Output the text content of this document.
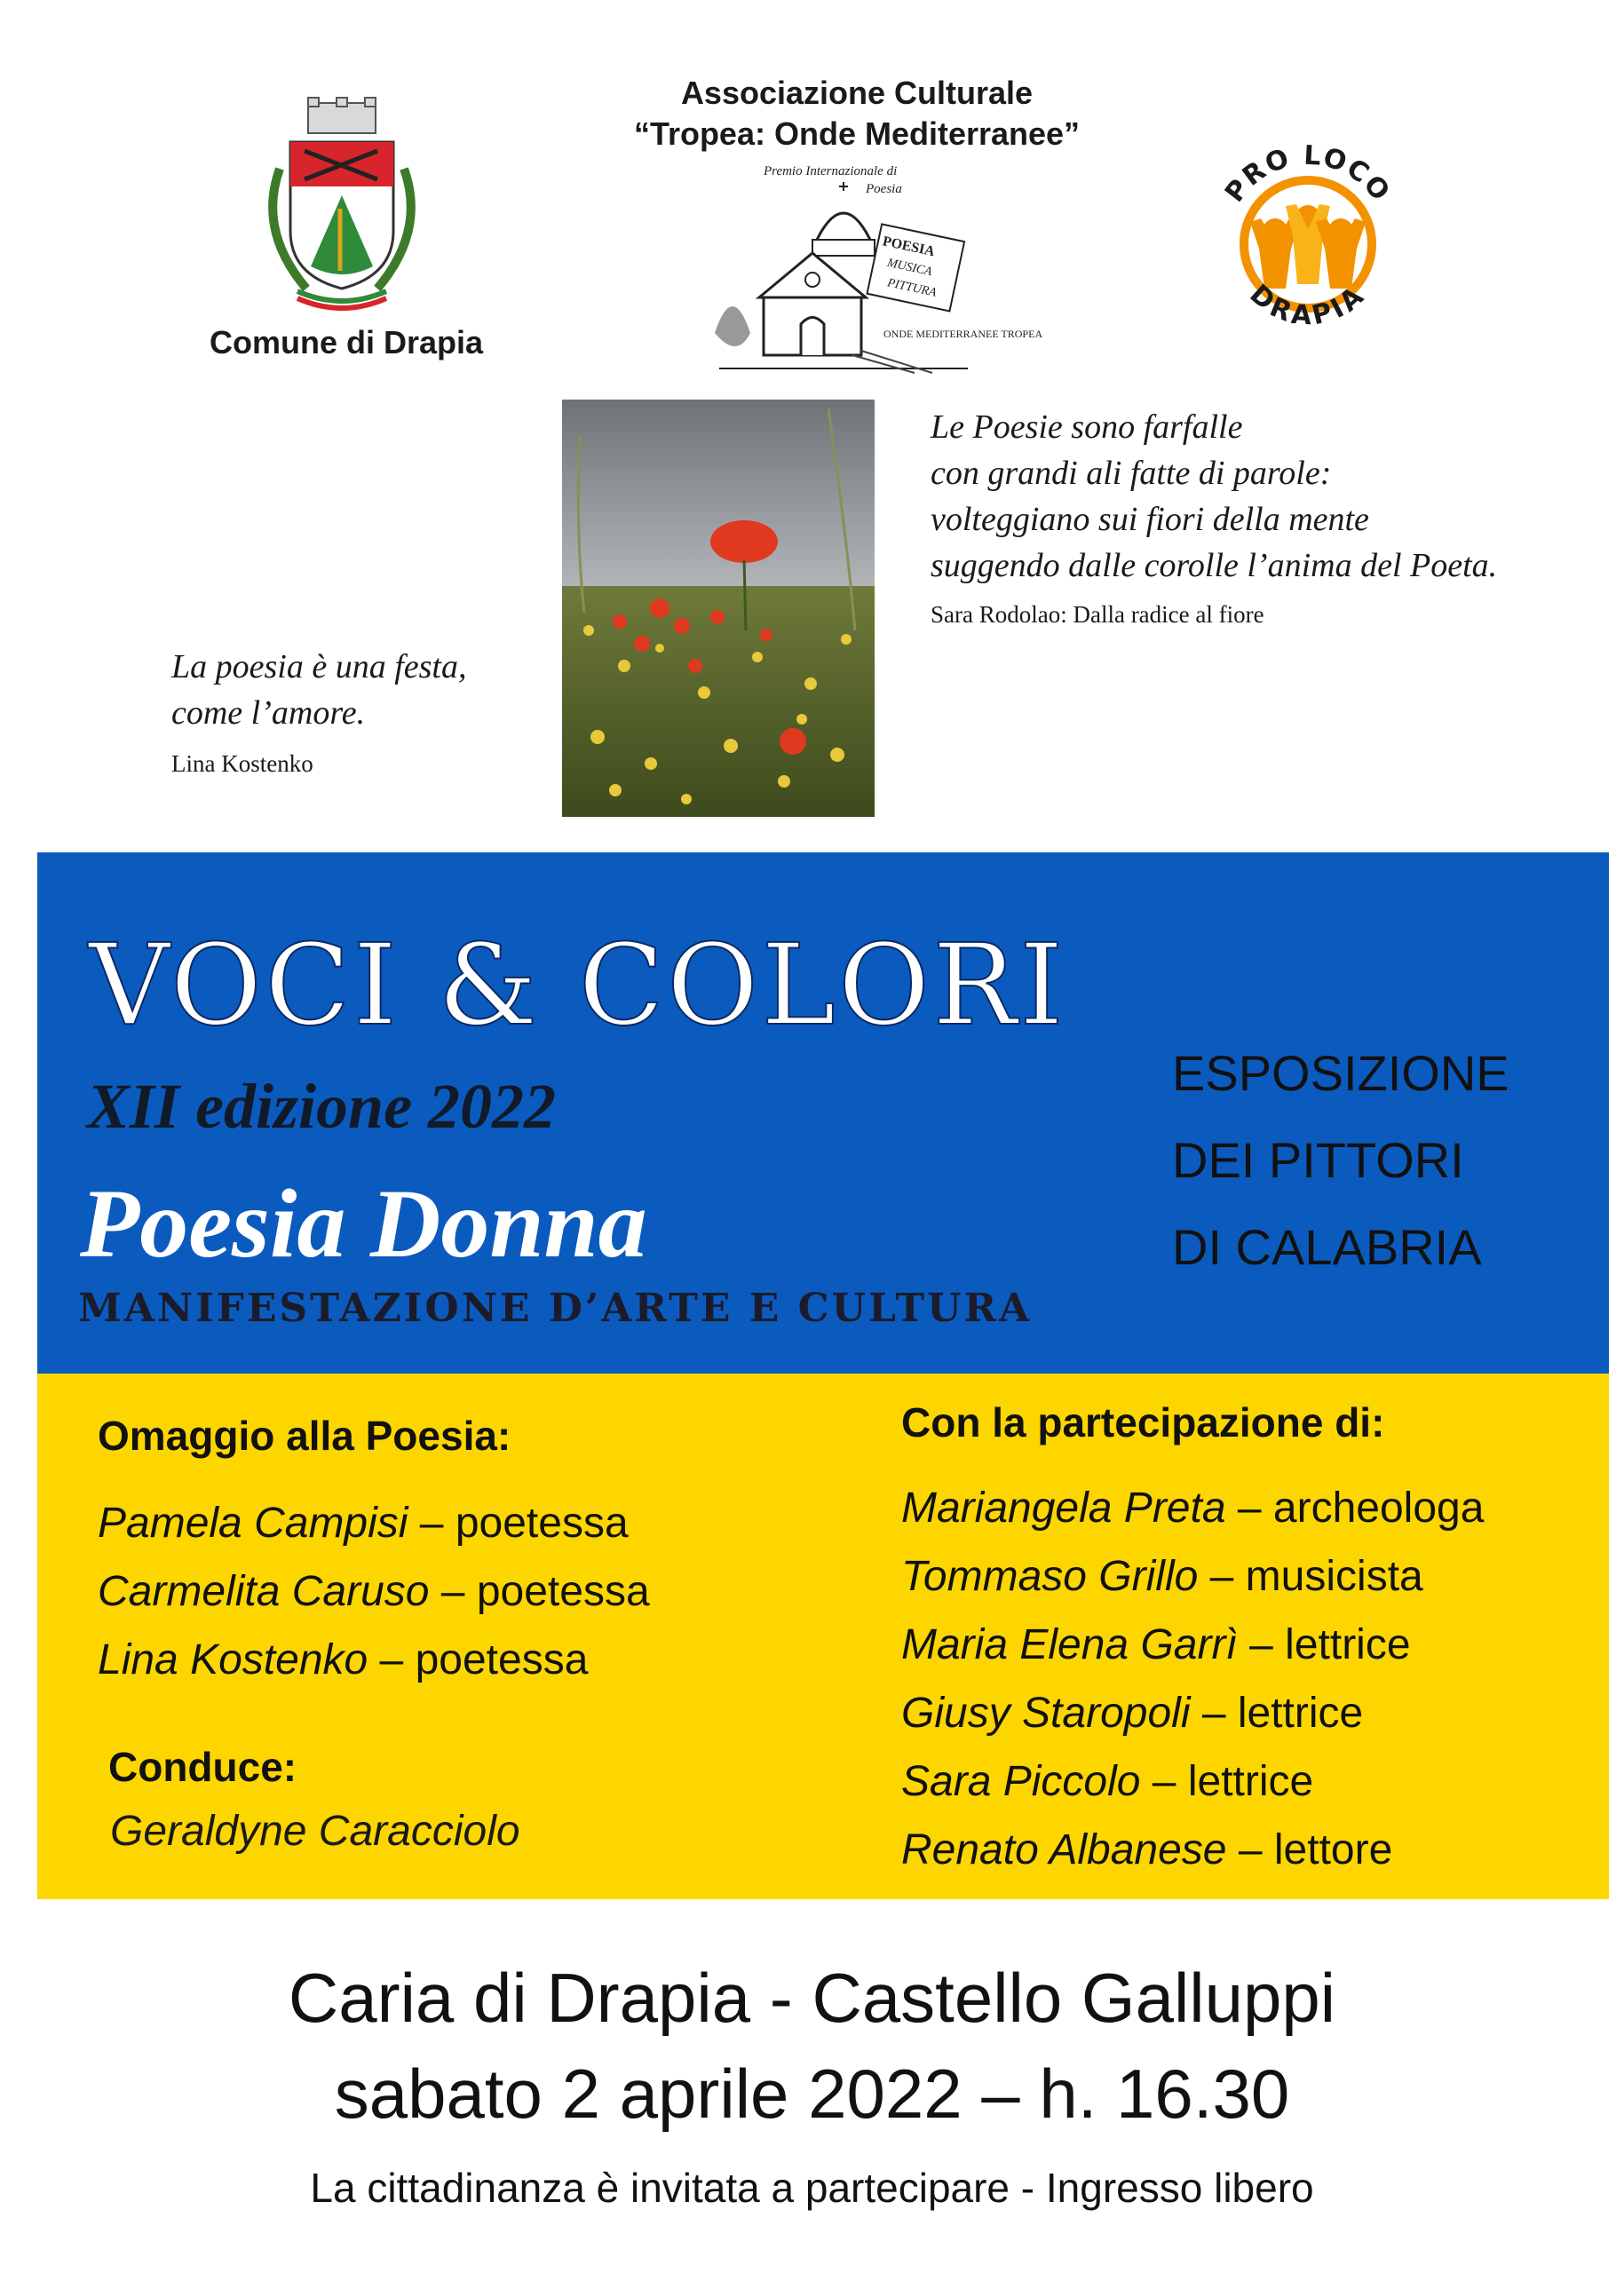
Comune di Drapia
Associazione Culturale
“Tropea: Onde Mediterranee”
Premio Internazionale di
Poesia
POESIA
MUSICA
PITTURA
ONDE MEDITERRANEE TROPEA
PRO LOCO
DRAPIA
Le Poesie sono farfalle
con grandi ali fatte di parole:
volteggiano sui fiori della mente
suggendo dalle corolle l’anima del Poeta.
Sara Rodolao: Dalla radice al fiore
La poesia è una festa,
come l’amore.
Lina Kostenko
VOCI & COLORI
XII edizione 2022
Poesia Donna
MANIFESTAZIONE D’ARTE E CULTURA
ESPOSIZIONE
DEI PITTORI
DI CALABRIA
Omaggio alla Poesia:
Pamela Campisi – poetessa
Carmelita Caruso – poetessa
Lina Kostenko – poetessa
Conduce:
Geraldyne Caracciolo
Con la partecipazione di:
Mariangela Preta – archeologa
Tommaso Grillo – musicista
Maria Elena Garrì – lettrice
Giusy Staropoli – lettrice
Sara Piccolo – lettrice
Renato Albanese – lettore
Caria di Drapia - Castello Galluppi
sabato 2 aprile 2022 – h. 16.30
La cittadinanza è invitata a partecipare - Ingresso libero
